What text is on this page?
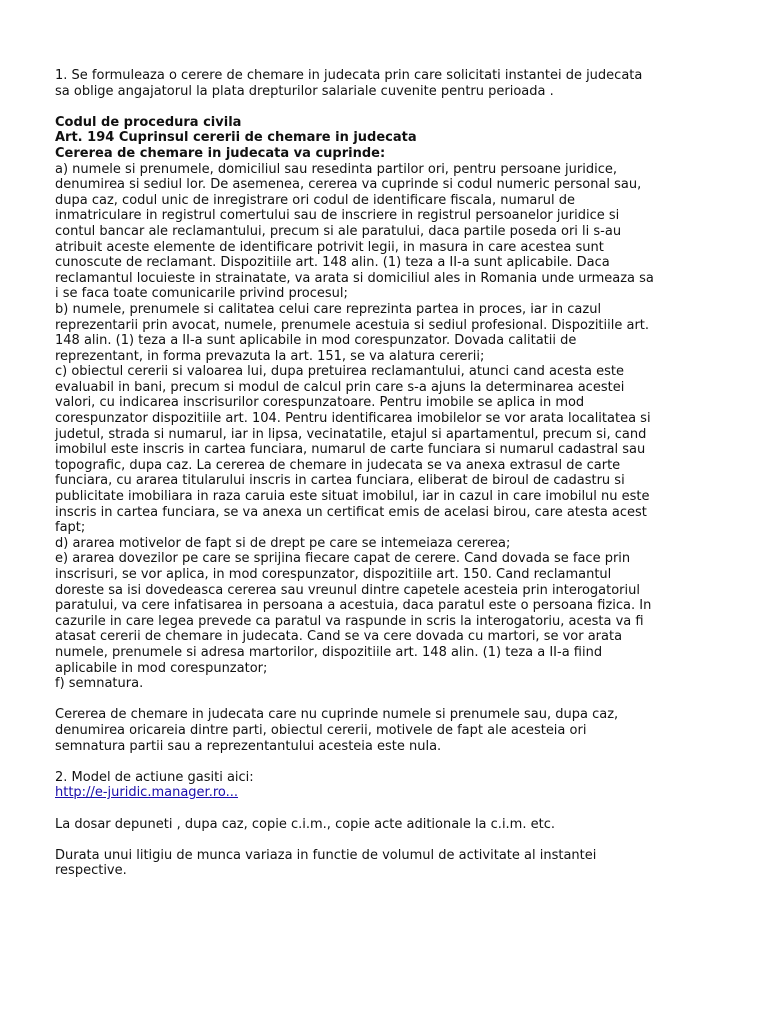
1. Se formuleaza o cerere de chemare in judecata prin care solicitati instantei de judecata
sa oblige angajatorul la plata drepturilor salariale cuvenite pentru perioada .
Codul de procedura civila
Art. 194 Cuprinsul cererii de chemare in judecata
Cererea de chemare in judecata va cuprinde:
a) numele si prenumele, domiciliul sau resedinta partilor ori, pentru persoane juridice,
denumirea si sediul lor. De asemenea, cererea va cuprinde si codul numeric personal sau,
dupa caz, codul unic de inregistrare ori codul de identificare fiscala, numarul de
inmatriculare in registrul comertului sau de inscriere in registrul persoanelor juridice si
contul bancar ale reclamantului, precum si ale paratului, daca partile poseda ori li s-au
atribuit aceste elemente de identificare potrivit legii, in masura in care acestea sunt
cunoscute de reclamant. Dispozitiile art. 148 alin. (1) teza a II-a sunt aplicabile. Daca
reclamantul locuieste in strainatate, va arata si domiciliul ales in Romania unde urmeaza sa
i se faca toate comunicarile privind procesul;
b) numele, prenumele si calitatea celui care reprezinta partea in proces, iar in cazul
reprezentarii prin avocat, numele, prenumele acestuia si sediul profesional. Dispozitiile art.
148 alin. (1) teza a II-a sunt aplicabile in mod corespunzator. Dovada calitatii de
reprezentant, in forma prevazuta la art. 151, se va alatura cererii;
c) obiectul cererii si valoarea lui, dupa pretuirea reclamantului, atunci cand acesta este
evaluabil in bani, precum si modul de calcul prin care s-a ajuns la determinarea acestei
valori, cu indicarea inscrisurilor corespunzatoare. Pentru imobile se aplica in mod
corespunzator dispozitiile art. 104. Pentru identificarea imobilelor se vor arata localitatea si
judetul, strada si numarul, iar in lipsa, vecinatatile, etajul si apartamentul, precum si, cand
imobilul este inscris in cartea funciara, numarul de carte funciara si numarul cadastral sau
topografic, dupa caz. La cererea de chemare in judecata se va anexa extrasul de carte
funciara, cu ararea titularului inscris in cartea funciara, eliberat de biroul de cadastru si
publicitate imobiliara in raza caruia este situat imobilul, iar in cazul in care imobilul nu este
inscris in cartea funciara, se va anexa un certificat emis de acelasi birou, care atesta acest
fapt;
d) ararea motivelor de fapt si de drept pe care se intemeiaza cererea;
e) ararea dovezilor pe care se sprijina fiecare capat de cerere. Cand dovada se face prin
inscrisuri, se vor aplica, in mod corespunzator, dispozitiile art. 150. Cand reclamantul
doreste sa isi dovedeasca cererea sau vreunul dintre capetele acesteia prin interogatoriul
paratului, va cere infatisarea in persoana a acestuia, daca paratul este o persoana fizica. In
cazurile in care legea prevede ca paratul va raspunde in scris la interogatoriu, acesta va fi
atasat cererii de chemare in judecata. Cand se va cere dovada cu martori, se vor arata
numele, prenumele si adresa martorilor, dispozitiile art. 148 alin. (1) teza a II-a fiind
aplicabile in mod corespunzator;
f) semnatura.
Cererea de chemare in judecata care nu cuprinde numele si prenumele sau, dupa caz,
denumirea oricareia dintre parti, obiectul cererii, motivele de fapt ale acesteia ori
semnatura partii sau a reprezentantului acesteia este nula.
2. Model de actiune gasiti aici:
http://e-juridic.manager.ro...
La dosar depuneti , dupa caz, copie c.i.m., copie acte aditionale la c.i.m. etc.
Durata unui litigiu de munca variaza in functie de volumul de activitate al instantei
respective.
